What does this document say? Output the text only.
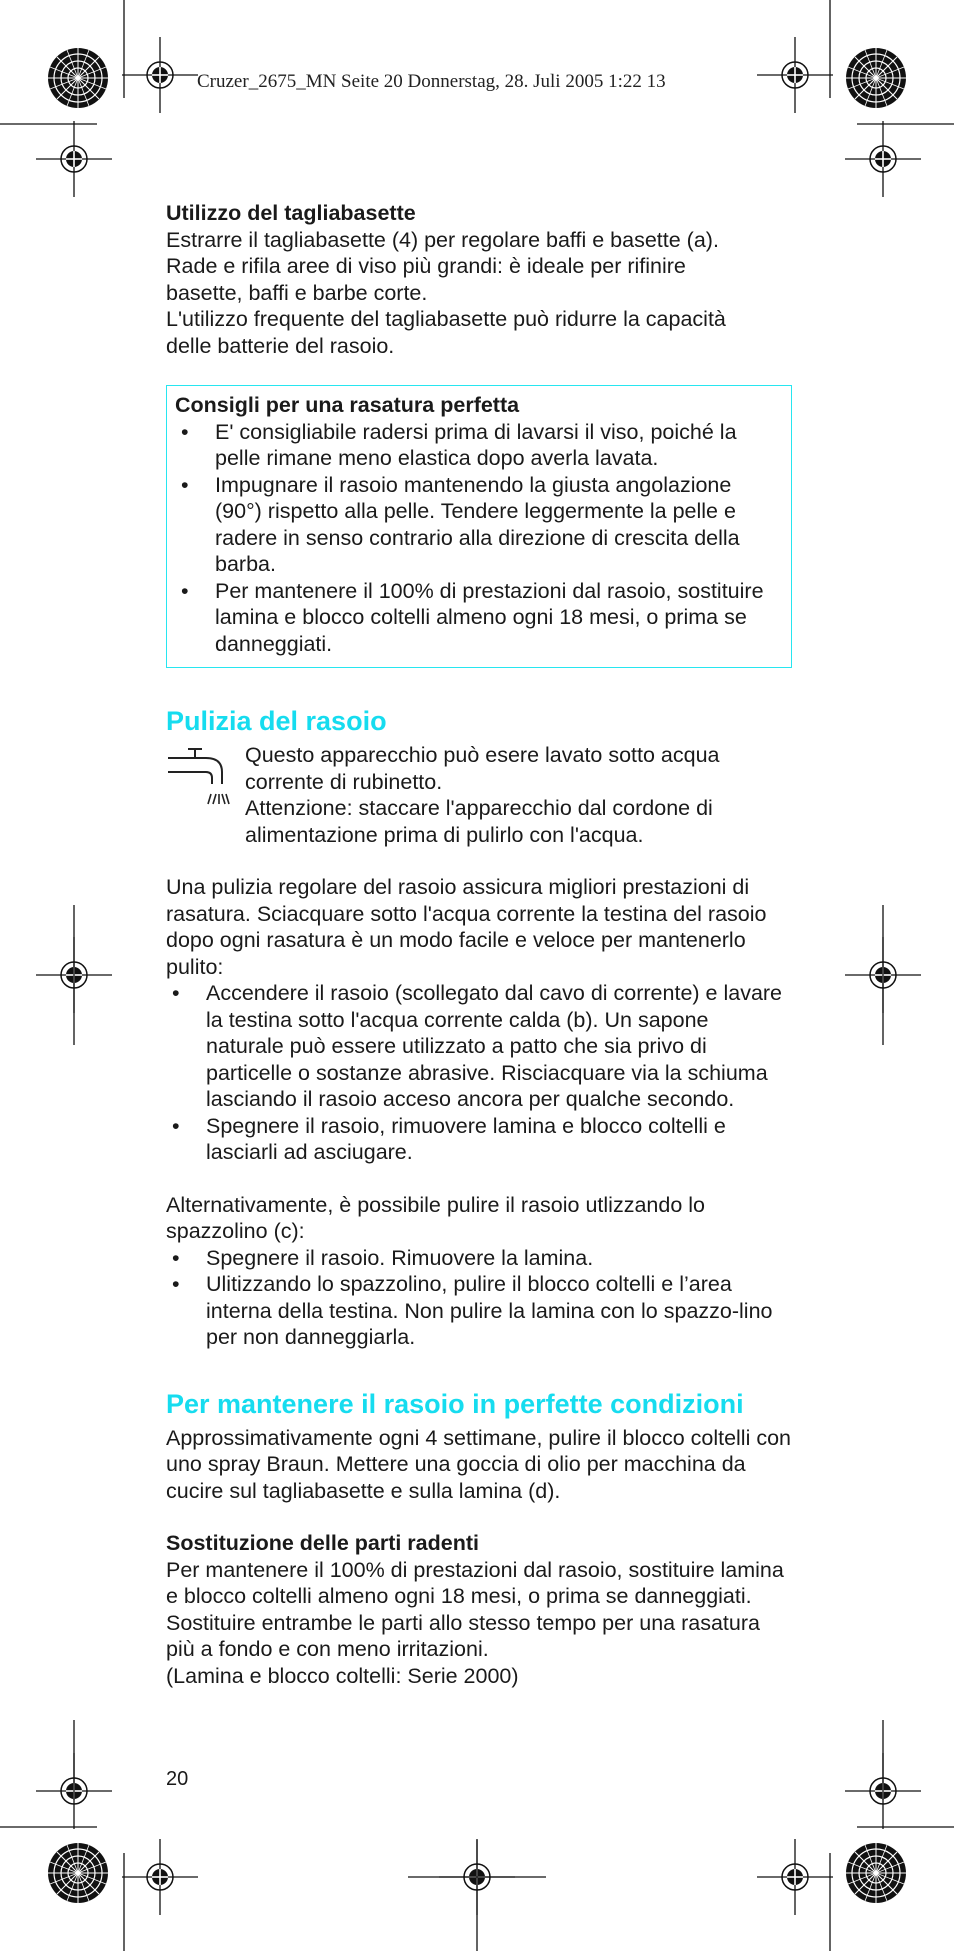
Cruzer_2675_MN Seite 20 Donnerstag, 28. Juli 2005 1:22 13

Utilizzo del tagliabasette

Estrarre il tagliabasette (4) per regolare baffi e basette (a).

Rade e rifila aree di viso più grandi: è ideale per rifinire

basette, baffi e barbe corte.

L'utilizzo frequente del tagliabasette può ridurre la capacità

delle batterie del rasoio.

Consigli per una rasatura perfetta

• E' consigliabile radersi prima di lavarsi il viso, poiché la pelle rimane meno elastica dopo averla lavata.
• Impugnare il rasoio mantenendo la giusta angolazione (90°) rispetto alla pelle. Tendere leggermente la pelle e radere in senso contrario alla direzione di crescita della barba.
• Per mantenere il 100% di prestazioni dal rasoio, sostituire lamina e blocco coltelli almeno ogni 18 mesi, o prima se danneggiati.
Pulizia del rasoio

Questo apparecchio può esere lavato sotto acqua corrente di rubinetto.

Attenzione: staccare l'apparecchio dal cordone di alimentazione prima di pulirlo con l'acqua.

Una pulizia regolare del rasoio assicura migliori prestazioni di rasatura. Sciacquare sotto l'acqua corrente la testina del rasoio dopo ogni rasatura è un modo facile e veloce per mantenerlo pulito:

• Accendere il rasoio (scollegato dal cavo di corrente) e lavare la testina sotto l'acqua corrente calda (b). Un sapone naturale può essere utilizzato a patto che sia privo di particelle o sostanze abrasive. Risciacquare via la schiuma lasciando il rasoio acceso ancora per qualche secondo.
• Spegnere il rasoio, rimuovere lamina e blocco coltelli e lasciarli ad asciugare.

Alternativamente, è possibile pulire il rasoio utlizzando lo spazzolino (c):

• Spegnere il rasoio. Rimuovere la lamina.
• Ulitizzando lo spazzolino, pulire il blocco coltelli e l’area interna della testina. Non pulire la lamina con lo spazzo-lino per non danneggiarla.
Per mantenere il rasoio in perfette condizioni

Approssimativamente ogni 4 settimane, pulire il blocco coltelli con uno spray Braun. Mettere una goccia di olio per macchina da cucire sul tagliabasette e sulla lamina (d).

Sostituzione delle parti radenti

Per mantenere il 100% di prestazioni dal rasoio, sostituire lamina e blocco coltelli almeno ogni 18 mesi, o prima se danneggiati. Sostituire entrambe le parti allo stesso tempo per una rasatura più a fondo e con meno irritazioni.

(Lamina e blocco coltelli: Serie 2000)

20
